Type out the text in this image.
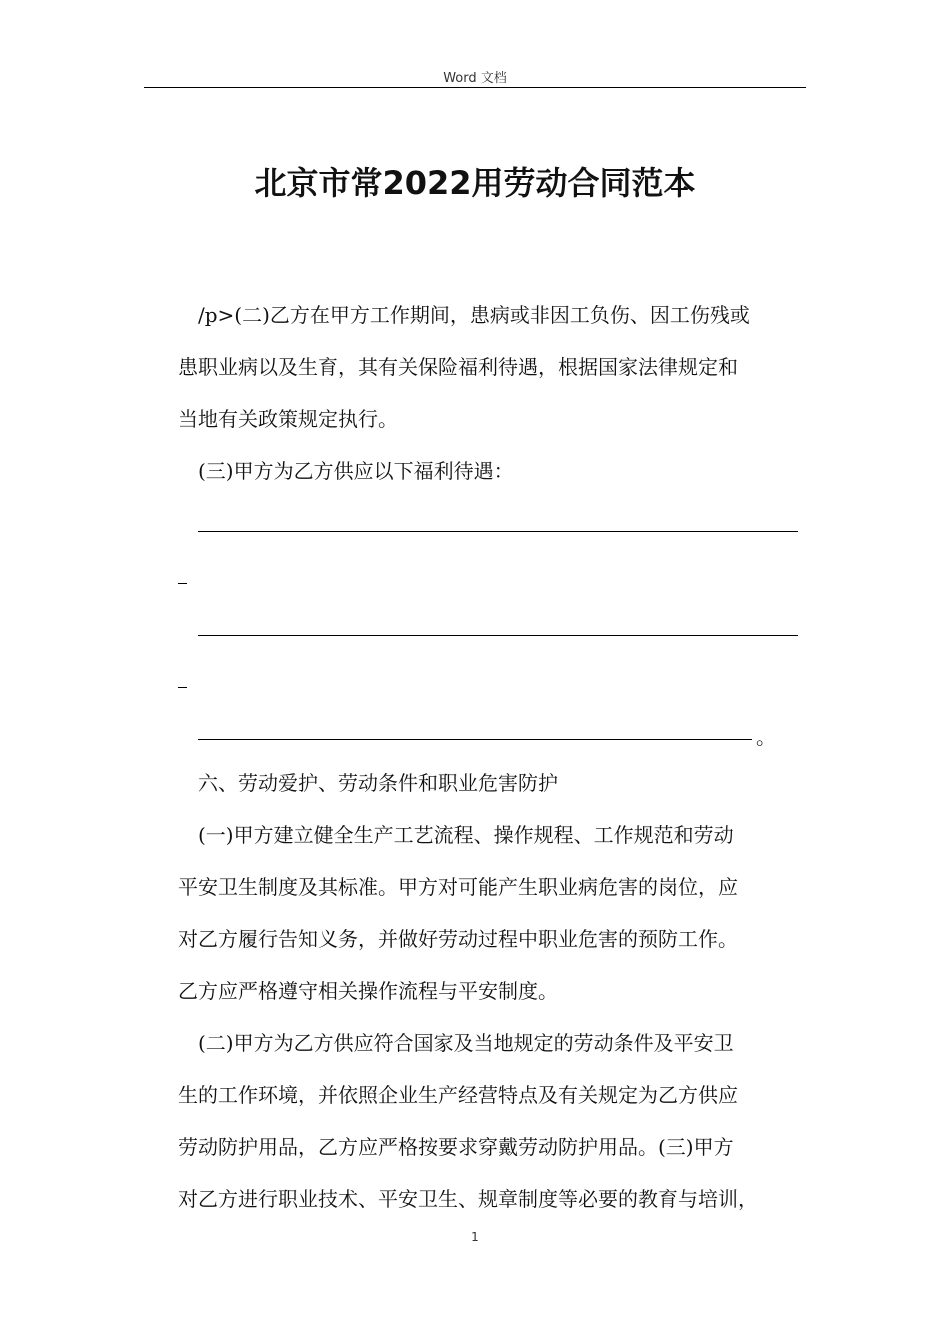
Word 文档
北京市常2022用劳动合同范本
/p>(二)乙方在甲方工作期间，患病或非因工负伤、因工伤残或
患职业病以及生育，其有关保险福利待遇，根据国家法律规定和
当地有关政策规定执行。
(三)甲方为乙方供应以下福利待遇：
。
六、劳动爱护、劳动条件和职业危害防护
(一)甲方建立健全生产工艺流程、操作规程、工作规范和劳动
平安卫生制度及其标准。甲方对可能产生职业病危害的岗位，应
对乙方履行告知义务，并做好劳动过程中职业危害的预防工作。
乙方应严格遵守相关操作流程与平安制度。
(二)甲方为乙方供应符合国家及当地规定的劳动条件及平安卫
生的工作环境，并依照企业生产经营特点及有关规定为乙方供应
劳动防护用品，乙方应严格按要求穿戴劳动防护用品。(三)甲方
对乙方进行职业技术、平安卫生、规章制度等必要的教育与培训，
1
